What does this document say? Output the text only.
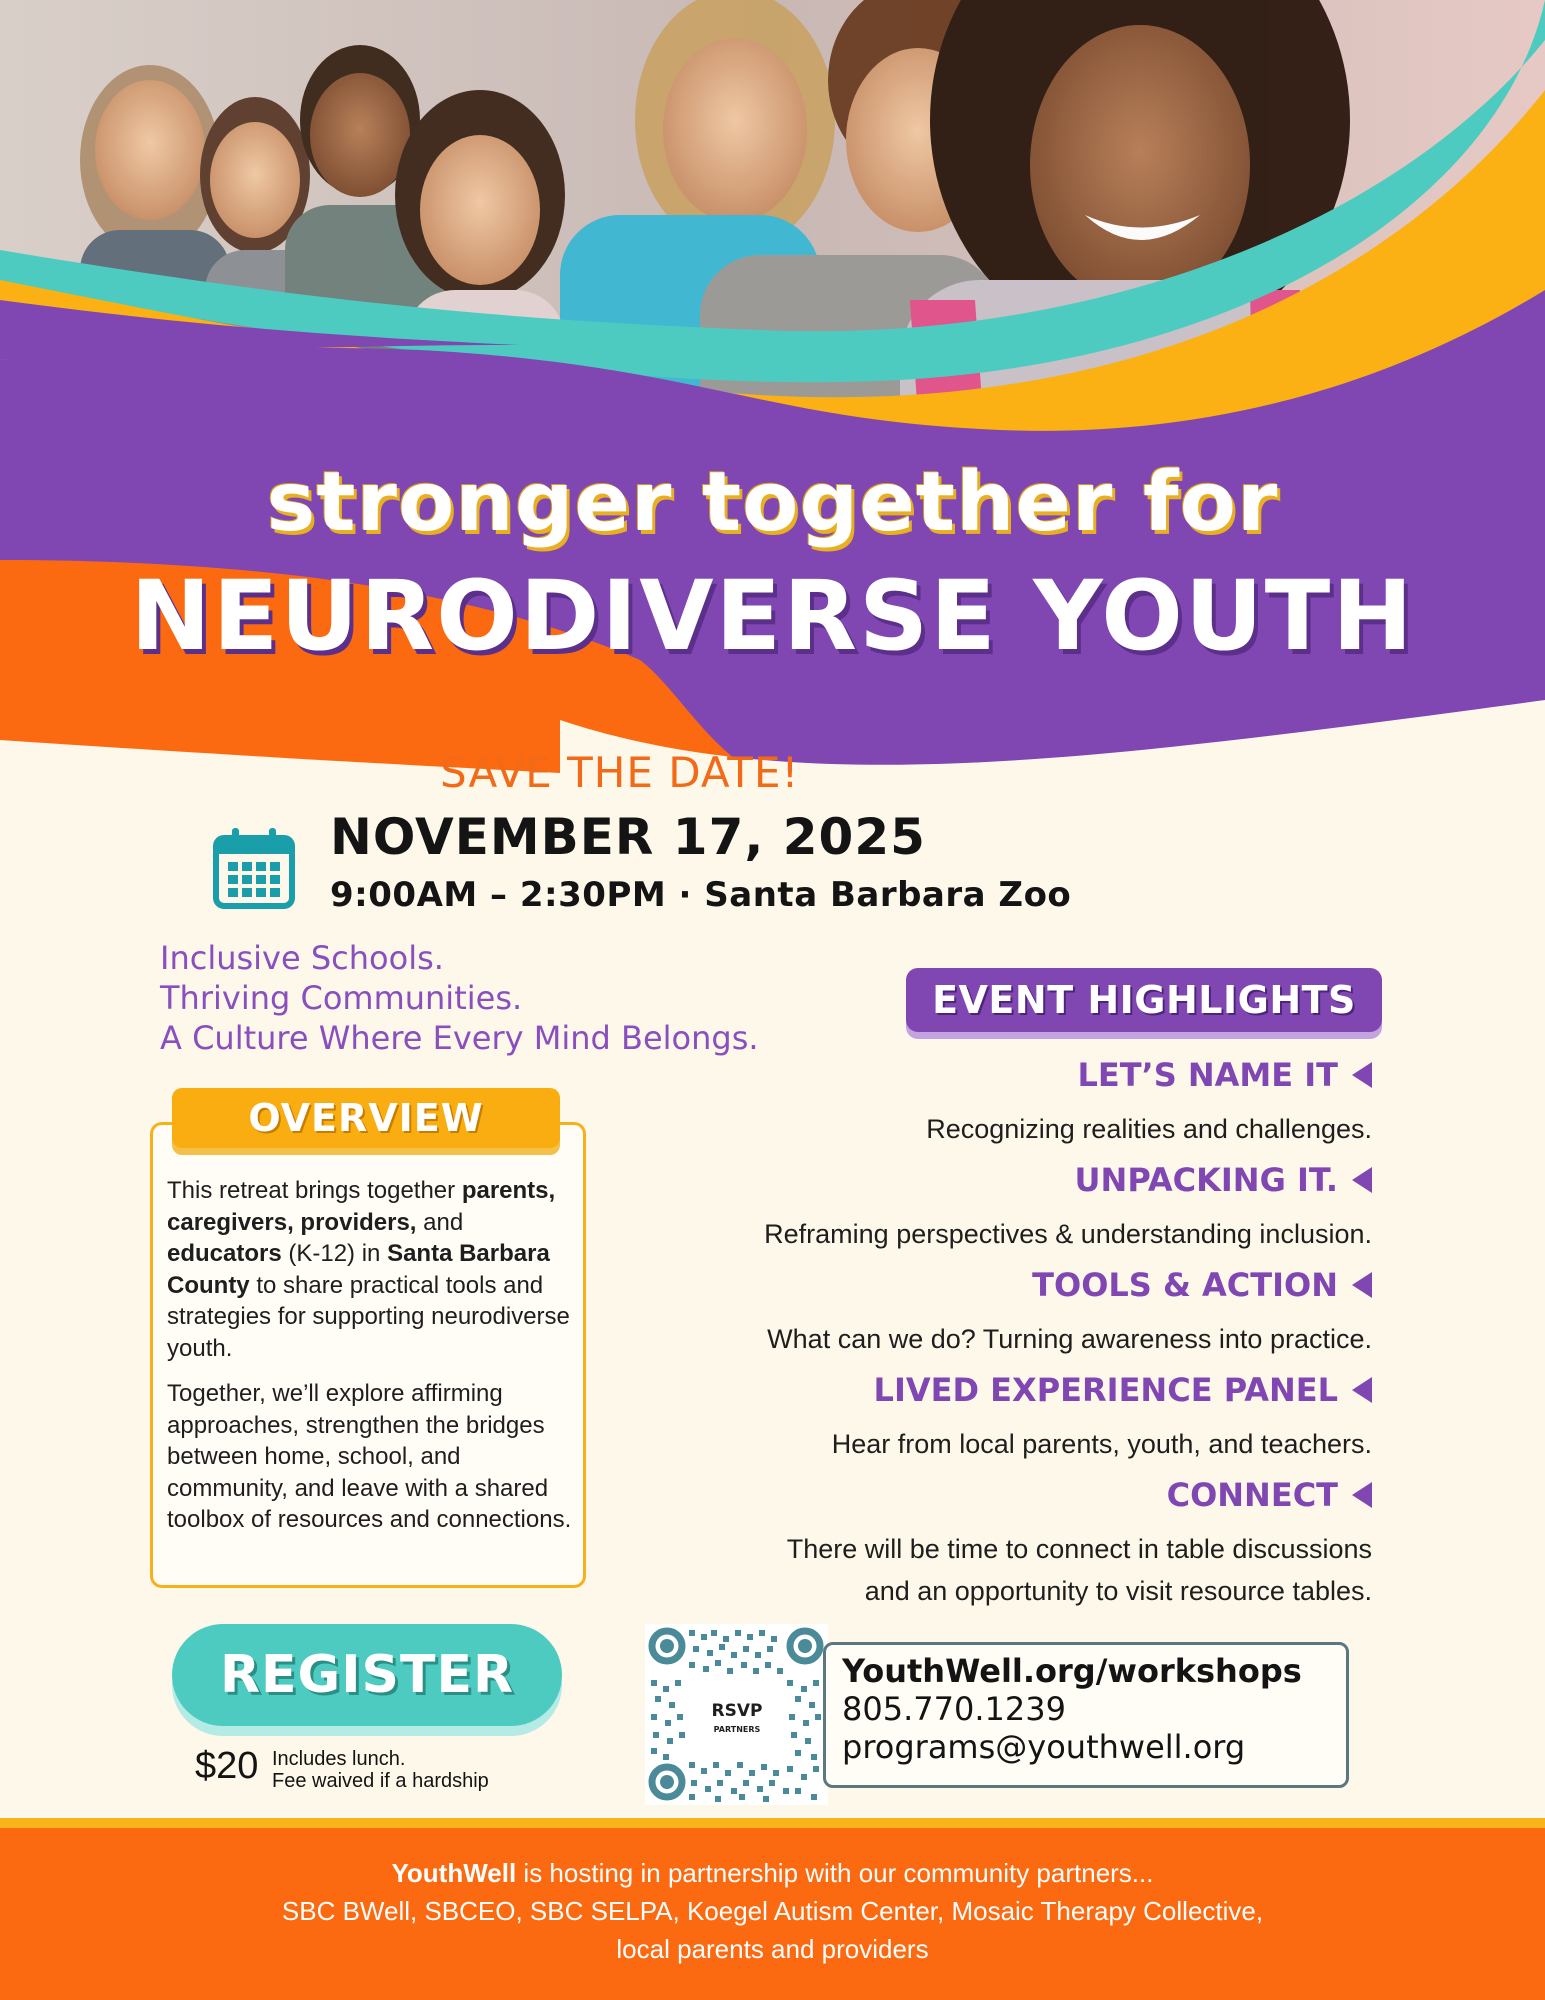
stronger together for
NEURODIVERSE YOUTH
SAVE THE DATE!
NOVEMBER 17, 2025
9:00AM – 2:30PM · Santa Barbara Zoo
Inclusive Schools.
Thriving Communities.
A Culture Where Every Mind Belongs.
OVERVIEW

This retreat brings together parents, caregivers, providers, and educators (K-12) in Santa Barbara County to share practical tools and strategies for supporting neurodiverse youth.

Together, we’ll explore affirming approaches, strengthen the bridges between home, school, and community, and leave with a shared toolbox of resources and connections.

EVENT HIGHLIGHTS
LET’S NAME IT
Recognizing realities and challenges.
UNPACKING IT.
Reframing perspectives & understanding inclusion.
TOOLS & ACTION
What can we do? Turning awareness into practice.
LIVED EXPERIENCE PANEL
Hear from local parents, youth, and teachers.
CONNECT
There will be time to connect in table discussions
and an opportunity to visit resource tables.
REGISTER
$20 Includes lunch.
Fee waived if a hardship
RSVP
PARTNERS
YouthWell.org/workshops
805.770.1239
programs@youthwell.org
YouthWell is hosting in partnership with our community partners...
SBC BWell, SBCEO, SBC SELPA, Koegel Autism Center, Mosaic Therapy Collective,
local parents and providers
